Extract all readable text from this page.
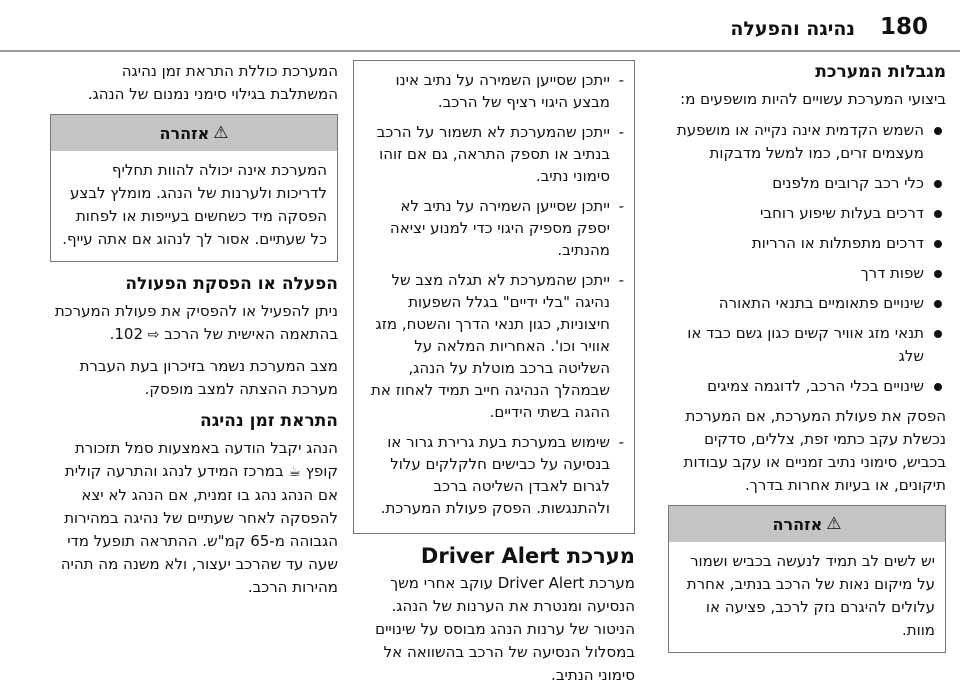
180
נהיגה והפעלה
מגבלות המערכת

ביצועי המערכת עשויים להיות מושפעים מ:

השמש הקדמית אינה נקייה או מושפעת מעצמים זרים, כמו למשל מדבקות
כלי רכב קרובים מלפנים
דרכים בעלות שיפוע רוחבי
דרכים מתפתלות או הרריות
שפות דרך
שינויים פתאומיים בתנאי התאורה
תנאי מזג אוויר קשים כגון גשם כבד או שלג
שינויים בכלי הרכב, לדוגמה צמיגים

הפסק את פעולת המערכת, אם המערכת נכשלת עקב כתמי זפת, צללים, סדקים בכביש, סימוני נתיב זמניים או עקב עבודות תיקונים, או בעיות אחרות בדרך.

⚠
אזהרה
יש לשים לב תמיד לנעשה בכביש ושמור על מיקום נאות של הרכב בנתיב, אחרת עלולים להיגרם נזק לרכב, פציעה או מוות.
- ייתכן שסייען השמירה על נתיב אינו מבצע היגוי רציף של הרכב.
- ייתכן שהמערכת לא תשמור על הרכב בנתיב או תספק התראה, גם אם זוהו סימוני נתיב.
- ייתכן שסייען השמירה על נתיב לא יספק מספיק היגוי כדי למנוע יציאה מהנתיב.
- ייתכן שהמערכת לא תגלה מצב של נהיגה "בלי ידיים" בגלל השפעות חיצוניות, כגון תנאי הדרך והשטח, מזג אוויר וכו'. האחריות המלאה על השליטה ברכב מוטלת על הנהג, שבמהלך הנהיגה חייב תמיד לאחוז את ההגה בשתי הידיים.
- שימוש במערכת בעת גרירת גרור או בנסיעה על כבישים חלקלקים עלול לגרום לאבדן השליטה ברכב ולהתנגשות. הפסק פעולת המערכת.
מערכת Driver Alert

מערכת Driver Alert עוקב אחרי משך הנסיעה ומנטרת את הערנות של הנהג. הניטור של ערנות הנהג מבוסס על שינויים במסלול הנסיעה של הרכב בהשוואה אל סימוני הנתיב.

המערכת כוללת התראת זמן נהיגה המשתלבת בגילוי סימני נמנום של הנהג.

⚠
אזהרה
המערכת אינה יכולה להוות תחליף לדריכות ולערנות של הנהג. מומלץ לבצע הפסקה מיד כשחשים בעייפות או לפחות כל שעתיים. אסור לך לנהוג אם אתה עייף.
הפעלה או הפסקת הפעולה

ניתן להפעיל או להפסיק את פעולת המערכת בהתאמה האישית של הרכב ⇨ 102.

מצב המערכת נשמר בזיכרון בעת העברת מערכת ההצתה למצב מופסק.

התראת זמן נהיגה

הנהג יקבל הודעה באמצעות סמל תזכורת קופץ ☕ במרכז המידע לנהג והתרעה קולית אם הנהג נהג בו זמנית, אם הנהג לא יצא להפסקה לאחר שעתיים של נהיגה במהירות הגבוהה מ-65 קמ"ש. ההתראה תופעל מדי שעה עד שהרכב יעצור, ולא משנה מה תהיה מהירות הרכב.
